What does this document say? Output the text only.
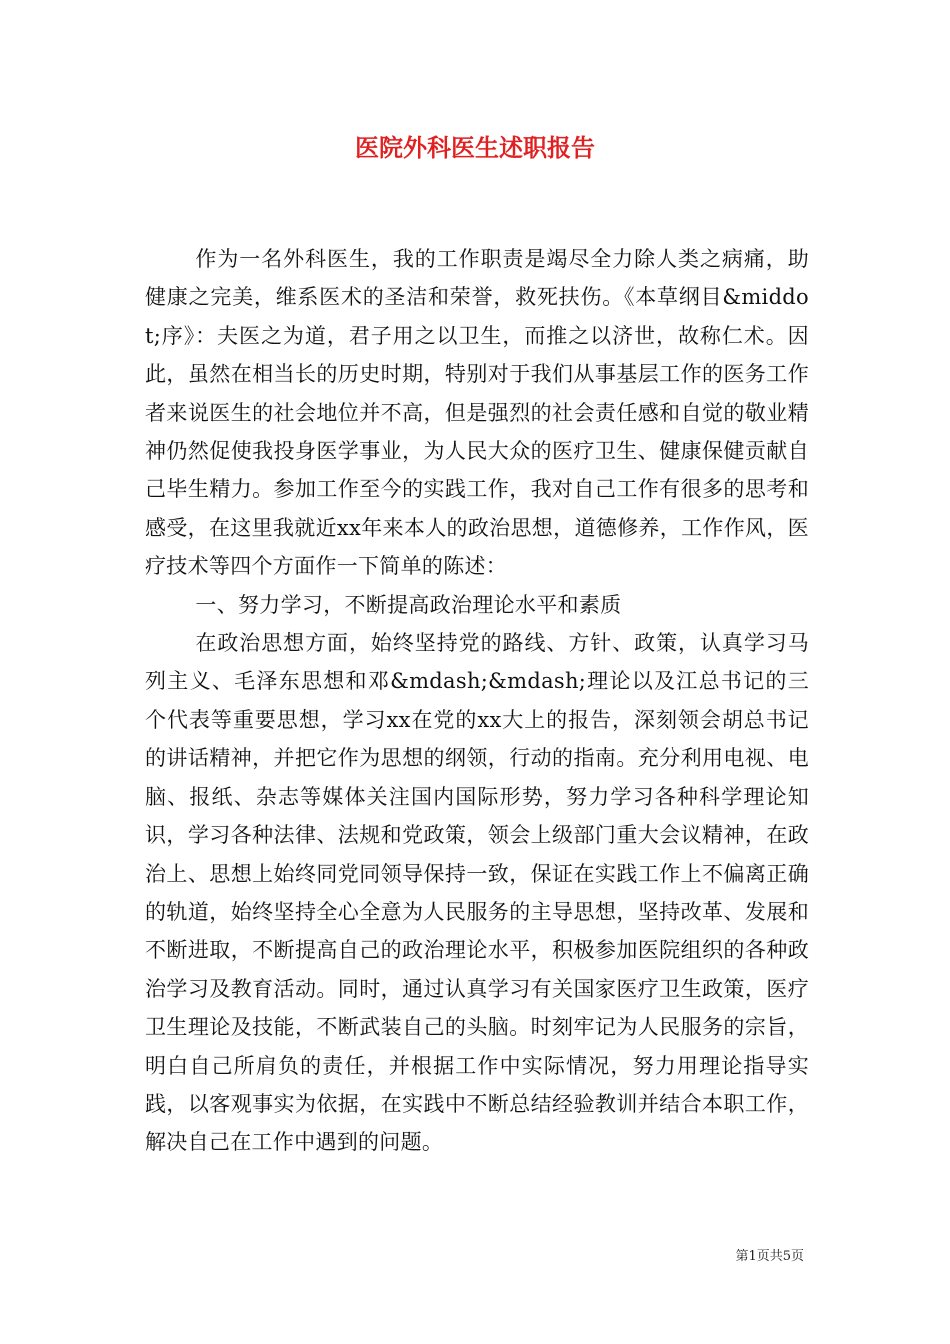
医院外科医生述职报告

作为一名外科医生，我的工作职责是竭尽全力除人类之病痛，助健康之完美，维系医术的圣洁和荣誉，救死扶伤。《本草纲目&middot;序》：夫医之为道，君子用之以卫生，而推之以济世，故称仁术。因此，虽然在相当长的历史时期，特别对于我们从事基层工作的医务工作者来说医生的社会地位并不高，但是强烈的社会责任感和自觉的敬业精神仍然促使我投身医学事业，为人民大众的医疗卫生、健康保健贡献自己毕生精力。参加工作至今的实践工作，我对自己工作有很多的思考和感受，在这里我就近xx年来本人的政治思想，道德修养，工作作风，医疗技术等四个方面作一下简单的陈述：

一、努力学习，不断提高政治理论水平和素质

在政治思想方面，始终坚持党的路线、方针、政策，认真学习马列主义、毛泽东思想和邓&mdash;&mdash;理论以及江总书记的三个代表等重要思想，学习xx在党的xx大上的报告，深刻领会胡总书记的讲话精神，并把它作为思想的纲领，行动的指南。充分利用电视、电脑、报纸、杂志等媒体关注国内国际形势，努力学习各种科学理论知识，学习各种法律、法规和党政策，领会上级部门重大会议精神，在政治上、思想上始终同党同领导保持一致，保证在实践工作上不偏离正确的轨道，始终坚持全心全意为人民服务的主导思想，坚持改革、发展和不断进取，不断提高自己的政治理论水平，积极参加医院组织的各种政治学习及教育活动。同时，通过认真学习有关国家医疗卫生政策，医疗卫生理论及技能，不断武装自己的头脑。时刻牢记为人民服务的宗旨，明白自己所肩负的责任，并根据工作中实际情况，努力用理论指导实践，以客观事实为依据，在实践中不断总结经验教训并结合本职工作，解决自己在工作中遇到的问题。

第1页共5页
